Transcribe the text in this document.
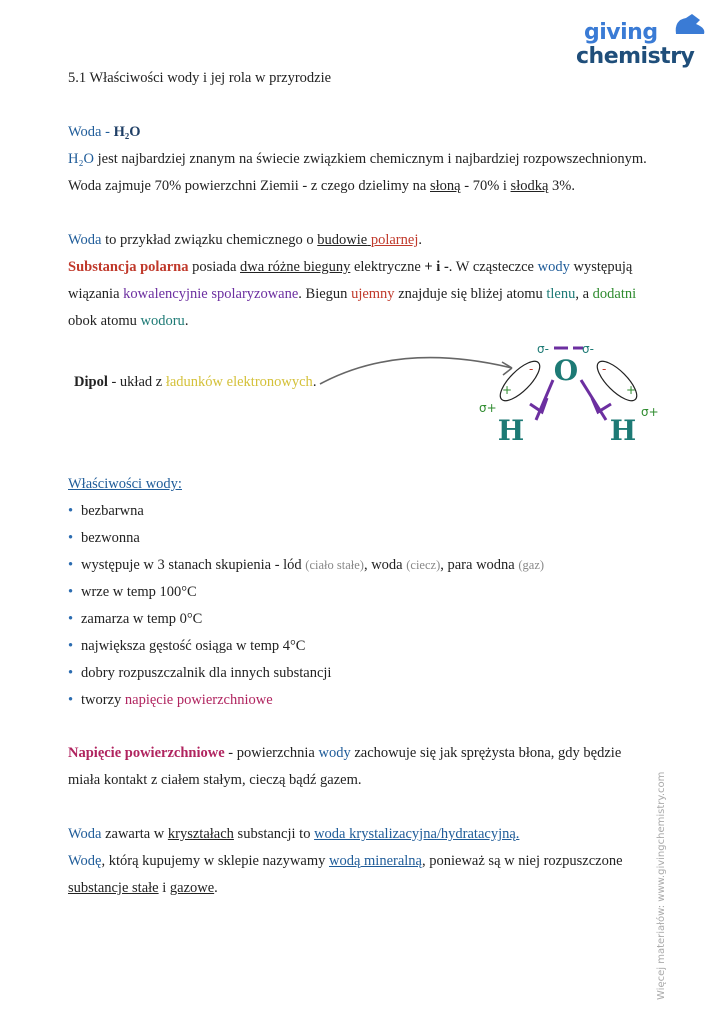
giving
chemistry
5.1 Właściwości wody i jej rola w przyrodzie
Woda - H₂O
H₂O jest najbardziej znanym na świecie związkiem chemicznym i najbardziej rozpowszechnionym.
Woda zajmuje 70% powierzchni Ziemii - z czego dzielimy na słoną - 70% i słodką 3%.
Woda to przykład związku chemicznego o budowie polarnej.
Substancja polarna posiada dwa różne bieguny elektryczne + i -. W cząsteczce wody występują
wiązania kowalencyjnie spolaryzowane. Biegun ujemny znajduje się bliżej atomu tlenu, a dodatni
obok atomu wodoru.
Dipol - układ z ładunków elektronowych.	O
H	H
σ-	σ-
σ+	σ+
-	-
+	+
Właściwości wody:
• bezbarwna
• bezwonna
• występuje w 3 stanach skupienia - lód (ciało stałe), woda (ciecz), para wodna (gaz)
• wrze w temp 100°C
• zamarza w temp 0°C
• największa gęstość osiąga w temp 4°C
• dobry rozpuszczalnik dla innych substancji
• tworzy napięcie powierzchniowe
Napięcie powierzchniowe - powierzchnia wody zachowuje się jak sprężysta błona, gdy będzie
miała kontakt z ciałem stałym, cieczą bądź gazem.
Woda zawarta w kryształach substancji to woda krystalizacyjna/hydratacyjną.
Wodę, którą kupujemy w sklepie nazywamy wodą mineralną, ponieważ są w niej rozpuszczone
substancje stałe i gazowe.	Więcej materiałów: www.givingchemistry.com
